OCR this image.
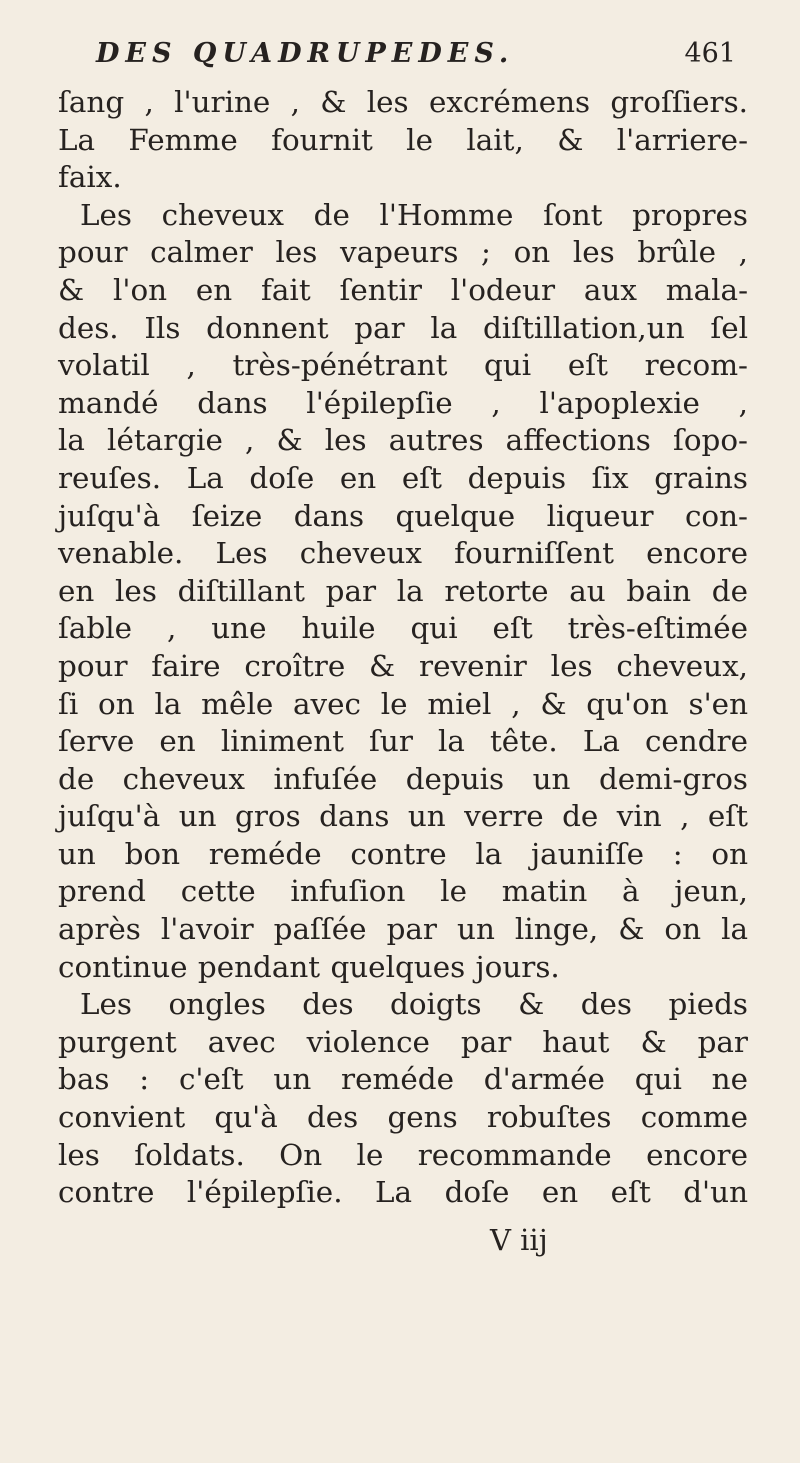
DES QUADRUPEDES.	461
ſang , l'urine , & les excrémens groſſiers.
La Femme fournit le lait, & l'arriere-
faix.
Les cheveux de l'Homme ſont propres
pour calmer les vapeurs ; on les brûle ,
& l'on en fait ſentir l'odeur aux mala-
des. Ils donnent par la diſtillation,un ſel
volatil , très-pénétrant qui eſt recom-
mandé dans l'épilepſie , l'apoplexie ,
la létargie , & les autres affections ſopo-
reuſes. La doſe en eſt depuis ſix grains
juſqu'à ſeize dans quelque liqueur con-
venable. Les cheveux fourniſſent encore
en les diſtillant par la retorte au bain de
ſable , une huile qui eſt très-eſtimée
pour faire croître & revenir les cheveux,
ſi on la mêle avec le miel , & qu'on s'en
ſerve en liniment ſur la tête. La cendre
de cheveux infuſée depuis un demi-gros
juſqu'à un gros dans un verre de vin , eſt
un bon reméde contre la jauniſſe : on
prend cette infuſion le matin à jeun,
après l'avoir paſſée par un linge, & on la
continue pendant quelques jours.
Les ongles des doigts & des pieds
purgent avec violence par haut & par
bas : c'eſt un reméde d'armée qui ne
convient qu'à des gens robuſtes comme
les ſoldats. On le recommande encore
contre l'épilepſie. La doſe en eſt d'un
V iij
